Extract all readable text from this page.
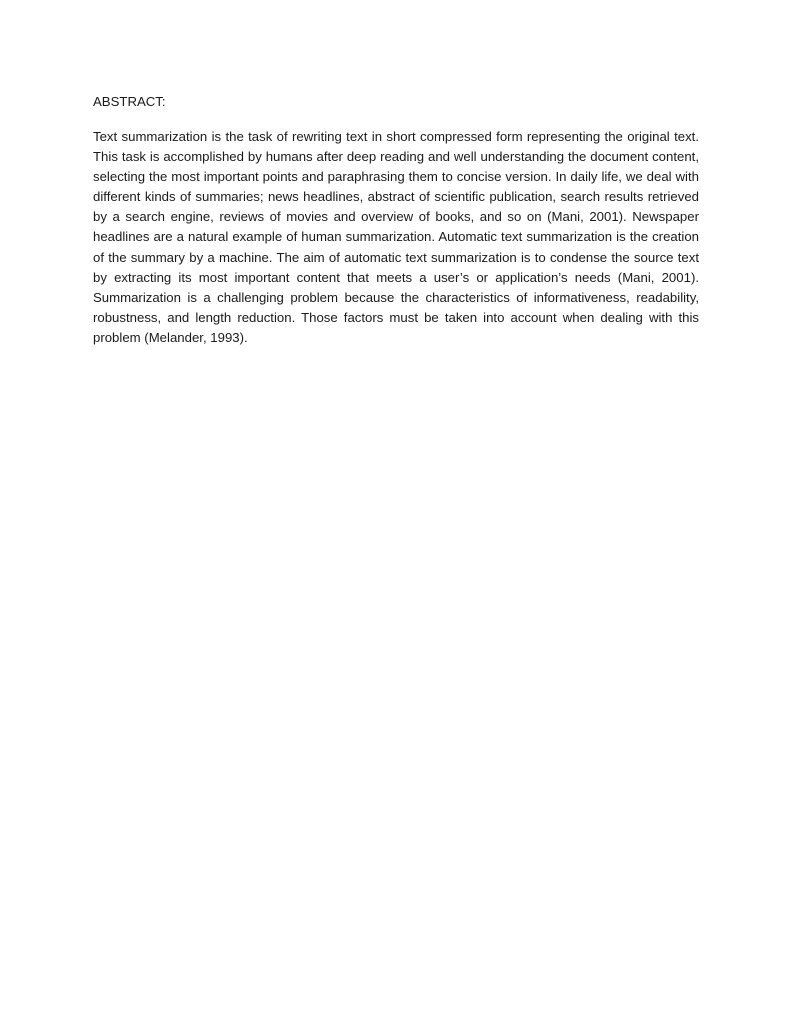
ABSTRACT:

Text summarization is the task of rewriting text in short compressed form representing the original text. This task is accomplished by humans after deep reading and well understanding the document content, selecting the most important points and paraphrasing them to concise version. In daily life, we deal with different kinds of summaries; news headlines, abstract of scientific publication, search results retrieved by a search engine, reviews of movies and overview of books, and so on (Mani, 2001). Newspaper headlines are a natural example of human summarization. Automatic text summarization is the creation of the summary by a machine. The aim of automatic text summarization is to condense the source text by extracting its most important content that meets a user’s or application’s needs (Mani, 2001). Summarization is a challenging problem because the characteristics of informativeness, readability, robustness, and length reduction. Those factors must be taken into account when dealing with this problem (Melander, 1993).
